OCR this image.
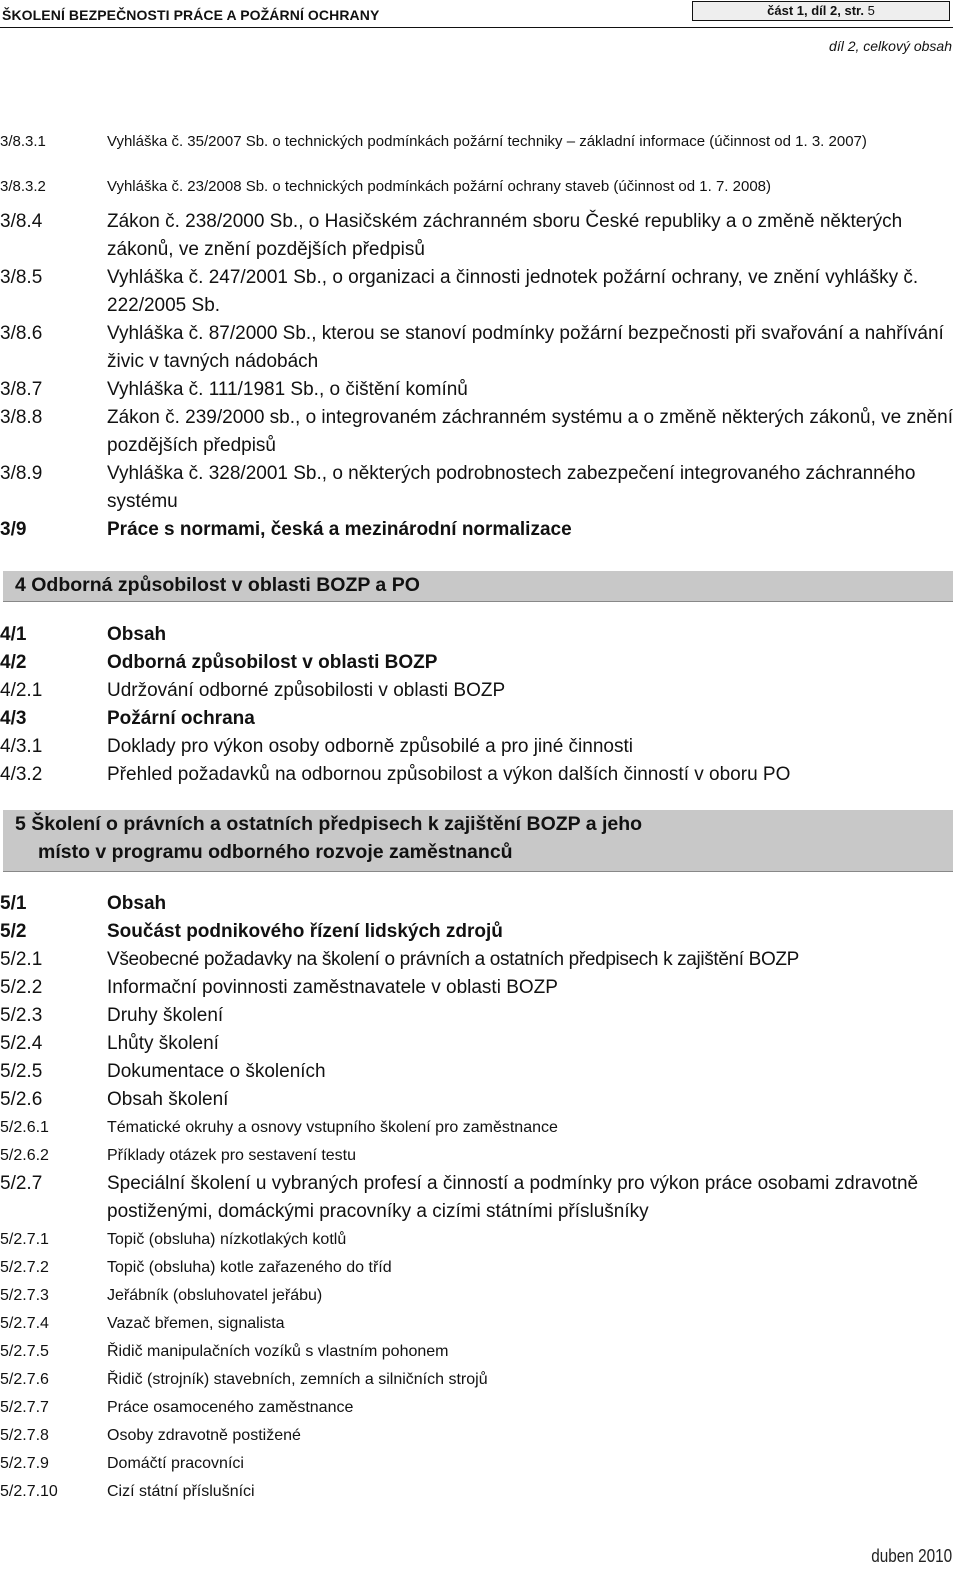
ŠKOLENÍ BEZPEČNOSTI PRÁCE A POŽÁRNÍ OCHRANY	část 1, díl 2, str. 5
díl 2, celkový obsah
3/8.3.1	Vyhláška č. 35/2007 Sb. o technických podmínkách požární techniky – základní informace (účinnost od 1. 3. 2007)
3/8.3.2	Vyhláška č. 23/2008 Sb. o technických podmínkách požární ochrany staveb (účinnost od 1. 7. 2008)
3/8.4	Zákon č. 238/2000 Sb., o Hasičském záchranném sboru České republiky a o změně některých zákonů, ve znění pozdějších předpisů
3/8.5	Vyhláška č. 247/2001 Sb., o organizaci a činnosti jednotek požární ochrany, ve znění vyhlášky č. 222/2005 Sb.
3/8.6	Vyhláška č. 87/2000 Sb., kterou se stanoví podmínky požární bezpečnosti při svařování a nahřívání živic v tavných nádobách
3/8.7	Vyhláška č. 111/1981 Sb., o čištění komínů
3/8.8	Zákon č. 239/2000 sb., o integrovaném záchranném systému a o změně některých zákonů, ve znění pozdějších předpisů
3/8.9	Vyhláška č. 328/2001 Sb., o některých podrobnostech zabezpečení integrovaného záchranného systému
3/9	Práce s normami, česká a mezinárodní normalizace
4 Odborná způsobilost v oblasti BOZP a PO
4/1	Obsah
4/2	Odborná způsobilost v oblasti BOZP
4/2.1	Udržování odborné způsobilosti v oblasti BOZP
4/3	Požární ochrana
4/3.1	Doklady pro výkon osoby odborně způsobilé a pro jiné činnosti
4/3.2	Přehled požadavků na odbornou způsobilost a výkon dalších činností v oboru PO
5 Školení o právních a ostatních předpisech k zajištění BOZP a jeho
místo v programu odborného rozvoje zaměstnanců
5/1	Obsah
5/2	Součást podnikového řízení lidských zdrojů
5/2.1	Všeobecné požadavky na školení o právních a ostatních předpisech k zajištění BOZP
5/2.2	Informační povinnosti zaměstnavatele v oblasti BOZP
5/2.3	Druhy školení
5/2.4	Lhůty školení
5/2.5	Dokumentace o školeních
5/2.6	Obsah školení
5/2.6.1	Tématické okruhy a osnovy vstupního školení pro zaměstnance
5/2.6.2	Příklady otázek pro sestavení testu
5/2.7	Speciální školení u vybraných profesí a činností a podmínky pro výkon práce osobami zdravotně postiženými, domáckými pracovníky a cizími státními příslušníky
5/2.7.1	Topič (obsluha) nízkotlakých kotlů
5/2.7.2	Topič (obsluha) kotle zařazeného do tříd
5/2.7.3	Jeřábník (obsluhovatel jeřábu)
5/2.7.4	Vazač břemen, signalista
5/2.7.5	Řidič manipulačních vozíků s vlastním pohonem
5/2.7.6	Řidič (strojník) stavebních, zemních a silničních strojů
5/2.7.7	Práce osamoceného zaměstnance
5/2.7.8	Osoby zdravotně postižené
5/2.7.9	Domáčtí pracovníci
5/2.7.10	Cizí státní příslušníci
duben 2010
